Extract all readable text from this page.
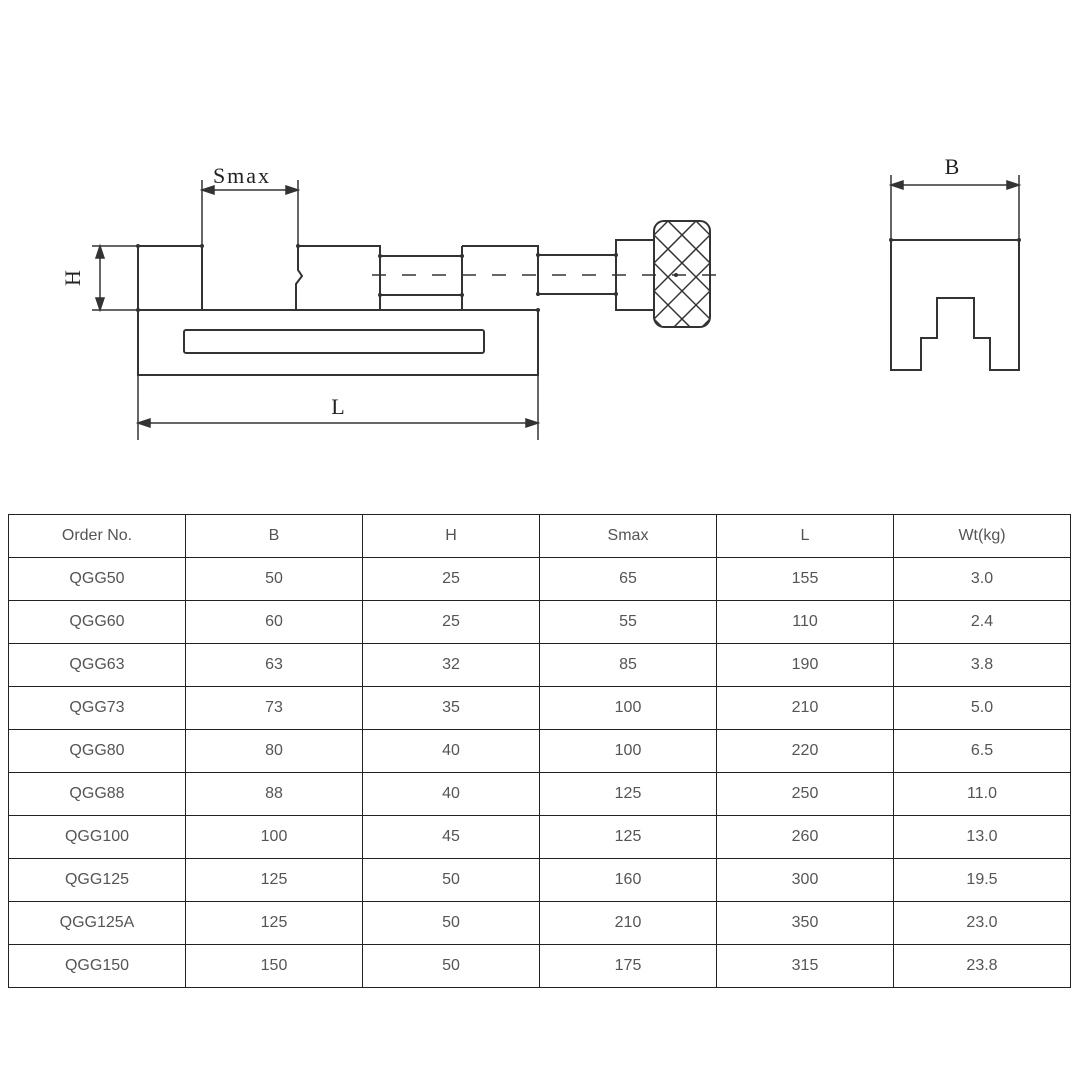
Smax
H
L
B
Order No.	B	H	Smax	L	Wt(kg)
QGG50	50	25	65	155	3.0
QGG60	60	25	55	110	2.4
QGG63	63	32	85	190	3.8
QGG73	73	35	100	210	5.0
QGG80	80	40	100	220	6.5
QGG88	88	40	125	250	11.0
QGG100	100	45	125	260	13.0
QGG125	125	50	160	300	19.5
QGG125A	125	50	210	350	23.0
QGG150	150	50	175	315	23.8
